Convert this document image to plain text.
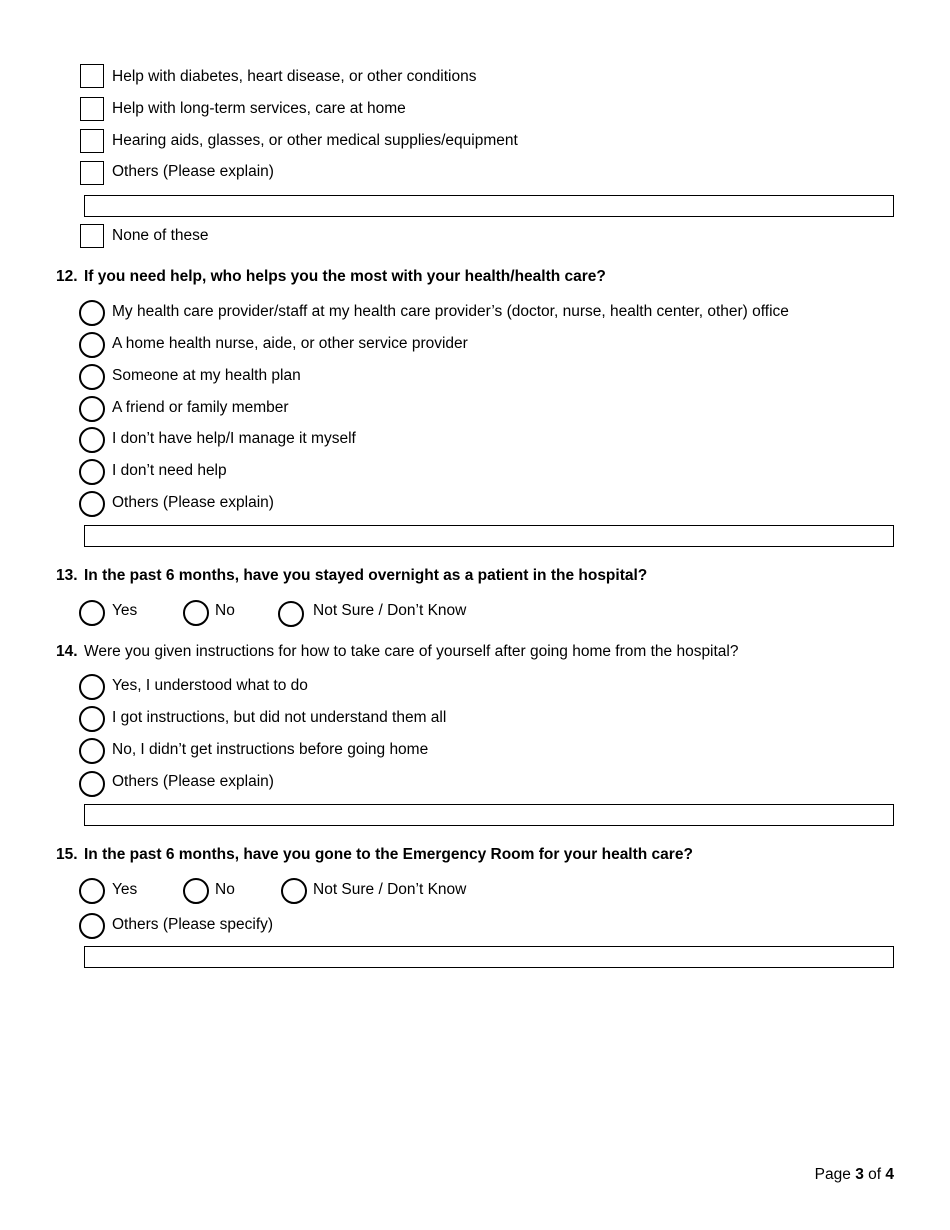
Help with diabetes, heart disease, or other conditions
Help with long-term services, care at home
Hearing aids, glasses, or other medical supplies/equipment
Others (Please explain)
None of these
12. If you need help, who helps you the most with your health/health care?
My health care provider/staff at my health care provider’s (doctor, nurse, health center, other) office
A home health nurse, aide, or other service provider
Someone at my health plan
A friend or family member
I don’t have help/I manage it myself
I don’t need help
Others (Please explain)
13. In the past 6 months, have you stayed overnight as a patient in the hospital?
Yes	No	Not Sure / Don’t Know
14. Were you given instructions for how to take care of yourself after going home from the hospital?
Yes, I understood what to do
I got instructions, but did not understand them all
No, I didn’t get instructions before going home
Others (Please explain)
15. In the past 6 months, have you gone to the Emergency Room for your health care?
Yes	No	Not Sure / Don’t Know
Others (Please specify)
Page 3 of 4
